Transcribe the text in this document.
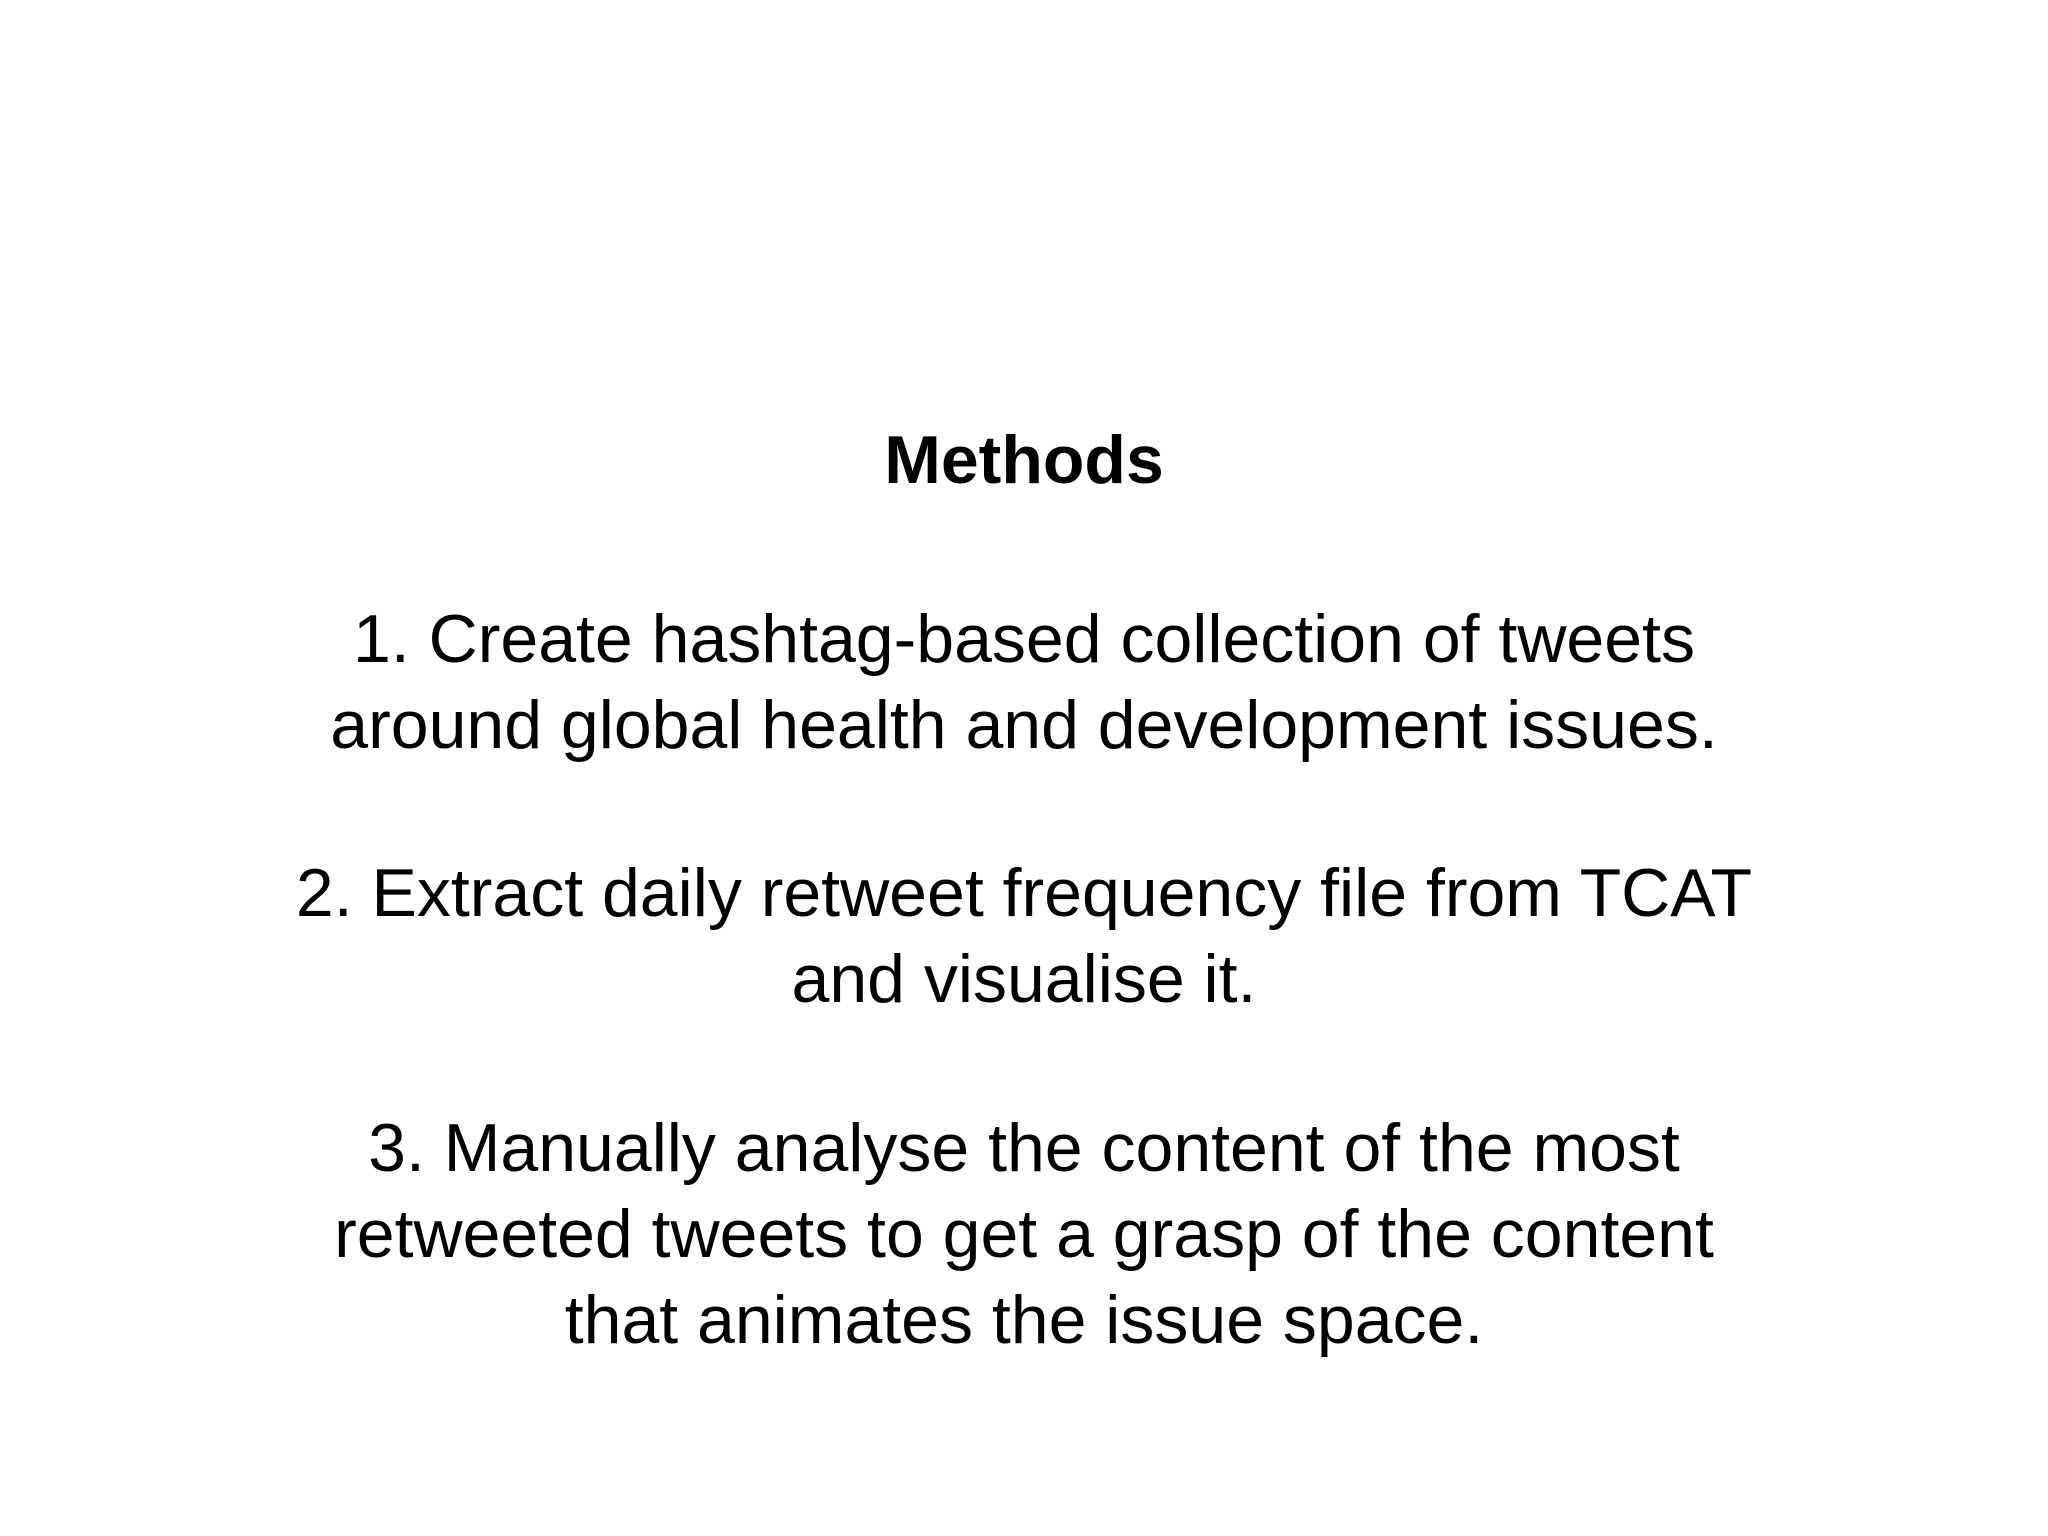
Methods
1. Create hashtag-based collection of tweets
around global health and development issues.
2. Extract daily retweet frequency file from TCAT
and visualise it.
3. Manually analyse the content of the most
retweeted tweets to get a grasp of the content
that animates the issue space.
